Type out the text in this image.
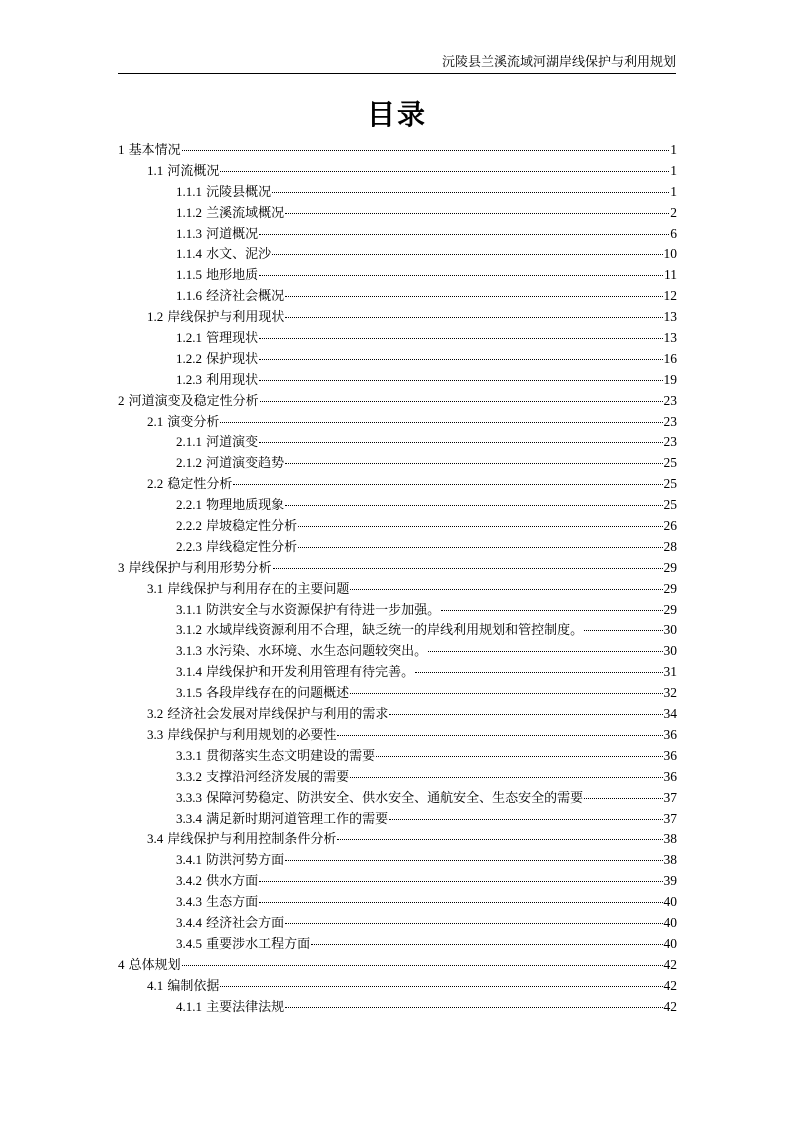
沅陵县兰溪流域河湖岸线保护与利用规划
目录
1 基本情况	1
1.1 河流概况	1
1.1.1 沅陵县概况	1
1.1.2 兰溪流域概况	2
1.1.3 河道概况	6
1.1.4 水文、泥沙	10
1.1.5 地形地质	11
1.1.6 经济社会概况	12
1.2 岸线保护与利用现状	13
1.2.1 管理现状	13
1.2.2 保护现状	16
1.2.3 利用现状	19
2 河道演变及稳定性分析	23
2.1 演变分析	23
2.1.1 河道演变	23
2.1.2 河道演变趋势	25
2.2 稳定性分析	25
2.2.1 物理地质现象	25
2.2.2 岸坡稳定性分析	26
2.2.3 岸线稳定性分析	28
3 岸线保护与利用形势分析	29
3.1 岸线保护与利用存在的主要问题	29
3.1.1 防洪安全与水资源保护有待进一步加强。	29
3.1.2 水域岸线资源利用不合理，缺乏统一的岸线利用规划和管控制度。	30
3.1.3 水污染、水环境、水生态问题较突出。	30
3.1.4 岸线保护和开发利用管理有待完善。	31
3.1.5 各段岸线存在的问题概述	32
3.2 经济社会发展对岸线保护与利用的需求	34
3.3 岸线保护与利用规划的必要性	36
3.3.1 贯彻落实生态文明建设的需要	36
3.3.2 支撑沿河经济发展的需要	36
3.3.3 保障河势稳定、防洪安全、供水安全、通航安全、生态安全的需要	37
3.3.4 满足新时期河道管理工作的需要	37
3.4 岸线保护与利用控制条件分析	38
3.4.1 防洪河势方面	38
3.4.2 供水方面	39
3.4.3 生态方面	40
3.4.4 经济社会方面	40
3.4.5 重要涉水工程方面	40
4 总体规划	42
4.1 编制依据	42
4.1.1 主要法律法规	42
